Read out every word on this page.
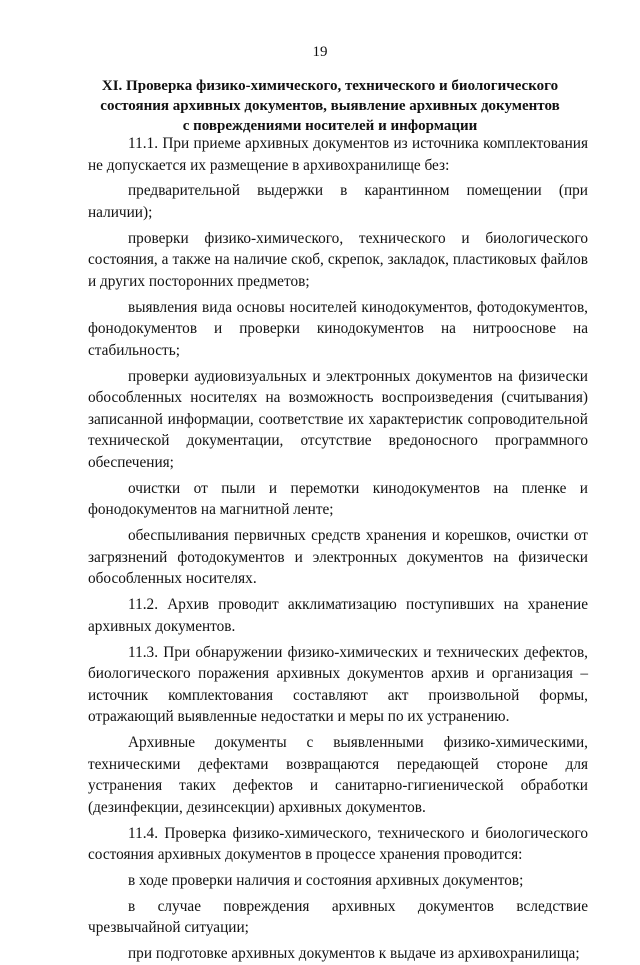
19
XI. Проверка физико-химического, технического и биологического
состояния архивных документов, выявление архивных документов
с повреждениями носителей и информации

11.1. При приеме архивных документов из источника комплектования не допускается их размещение в архивохранилище без:

предварительной выдержки в карантинном помещении (при наличии);

проверки физико-химического, технического и биологического состояния, а также на наличие скоб, скрепок, закладок, пластиковых файлов и других посторонних предметов;

выявления вида основы носителей кинодокументов, фотодокументов, фонодокументов и проверки кинодокументов на нитрооснове на стабильность;

проверки аудиовизуальных и электронных документов на физически обособленных носителях на возможность воспроизведения (считывания) записанной информации, соответствие их характеристик сопроводительной технической документации, отсутствие вредоносного программного обеспечения;

очистки от пыли и перемотки кинодокументов на пленке и фонодокументов на магнитной ленте;

обеспыливания первичных средств хранения и корешков, очистки от загрязнений фотодокументов и электронных документов на физически обособленных носителях.

11.2. Архив проводит акклиматизацию поступивших на хранение архивных документов.

11.3. При обнаружении физико-химических и технических дефектов, биологического поражения архивных документов архив и организация – источник комплектования составляют акт произвольной формы, отражающий выявленные недостатки и меры по их устранению.

Архивные документы с выявленными физико-химическими, техническими дефектами возвращаются передающей стороне для устранения таких дефектов и санитарно-гигиенической обработки (дезинфекции, дезинсекции) архивных документов.

11.4. Проверка физико-химического, технического и биологического состояния архивных документов в процессе хранения проводится:

в ходе проверки наличия и состояния архивных документов;

в случае повреждения архивных документов вследствие чрезвычайной ситуации;

при подготовке архивных документов к выдаче из архивохранилища;
